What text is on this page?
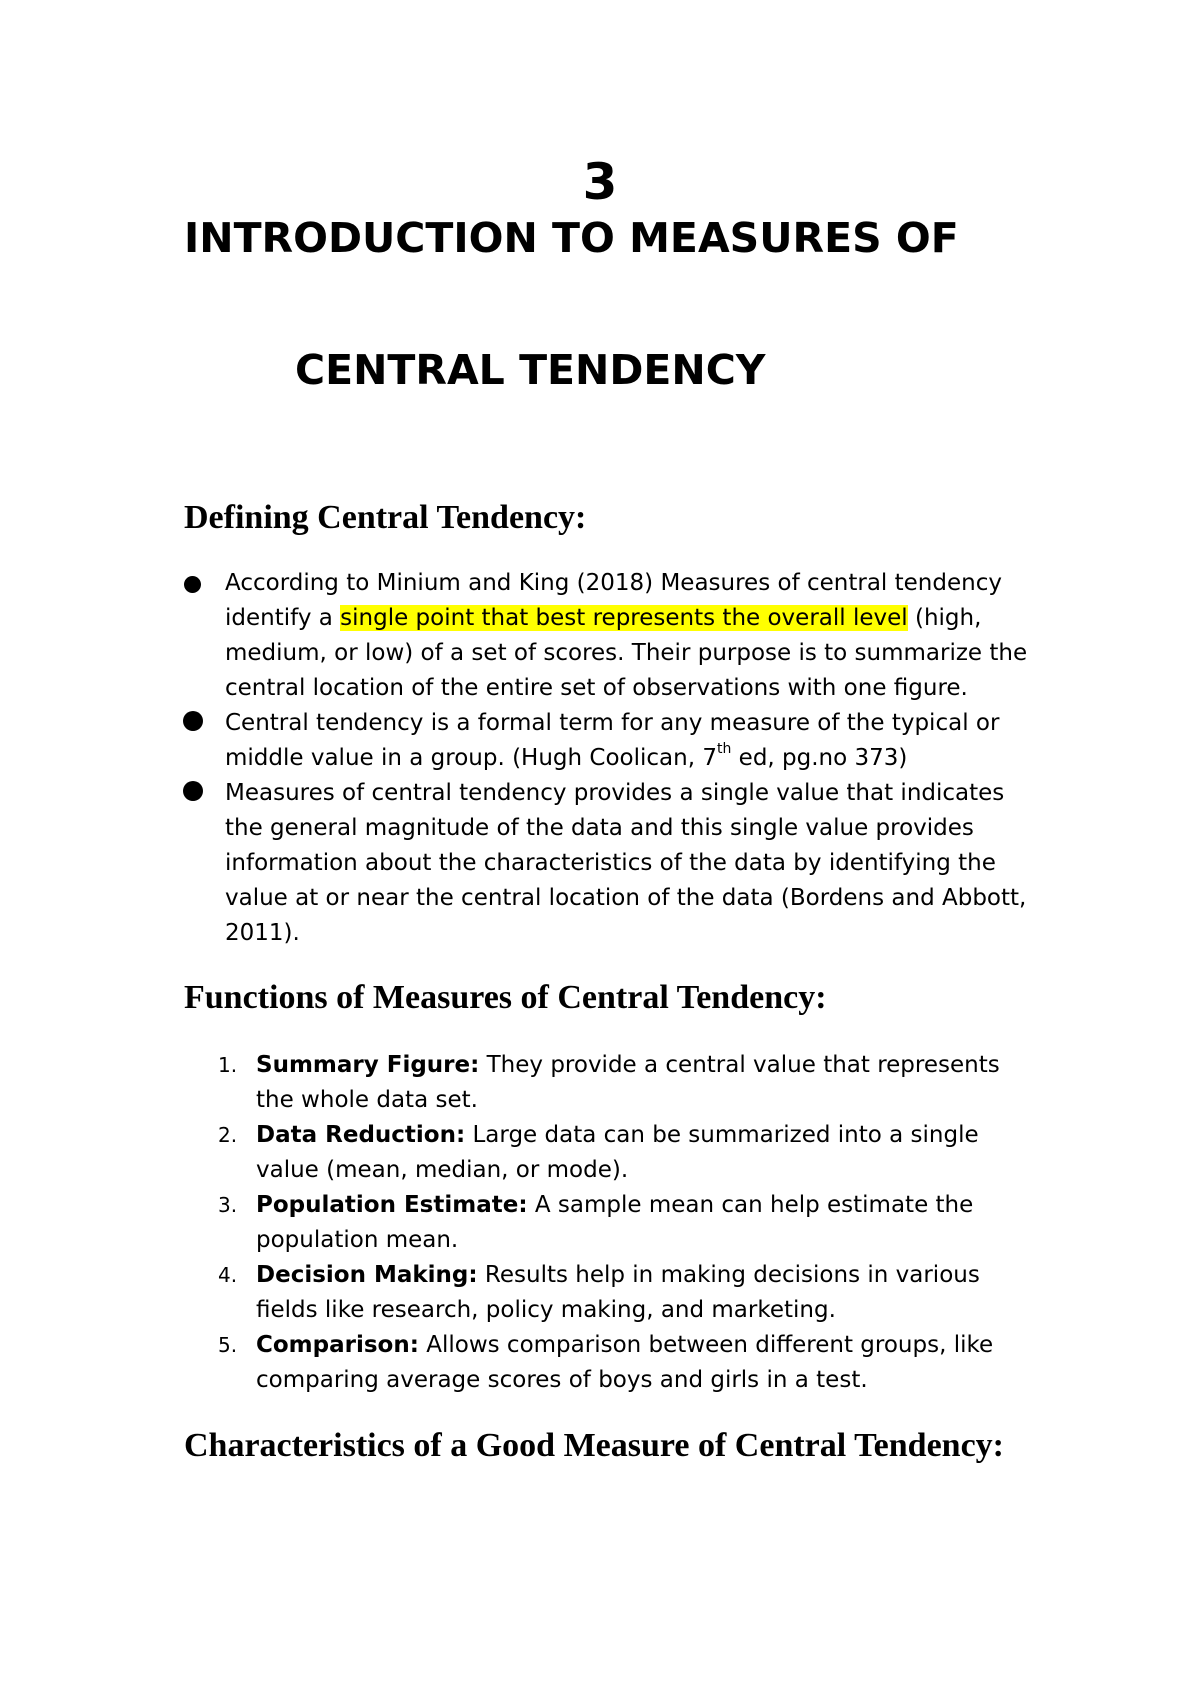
3
INTRODUCTION TO MEASURES OF
CENTRAL TENDENCY
Defining Central Tendency:
According to Minium and King (2018) Measures of central tendency identify a single point that best represents the overall level (high, medium, or low) of a set of scores. Their purpose is to summarize the central location of the entire set of observations with one figure.
Central tendency is a formal term for any measure of the typical or middle value in a group. (Hugh Coolican, 7th ed, pg.no 373)
Measures of central tendency provides a single value that indicates the general magnitude of the data and this single value provides information about the characteristics of the data by identifying the value at or near the central location of the data (Bordens and Abbott, 2011).
Functions of Measures of Central Tendency:
1. Summary Figure: They provide a central value that represents the whole data set.
2. Data Reduction: Large data can be summarized into a single value (mean, median, or mode).
3. Population Estimate: A sample mean can help estimate the population mean.
4. Decision Making: Results help in making decisions in various fields like research, policy making, and marketing.
5. Comparison: Allows comparison between different groups, like comparing average scores of boys and girls in a test.
Characteristics of a Good Measure of Central Tendency:
